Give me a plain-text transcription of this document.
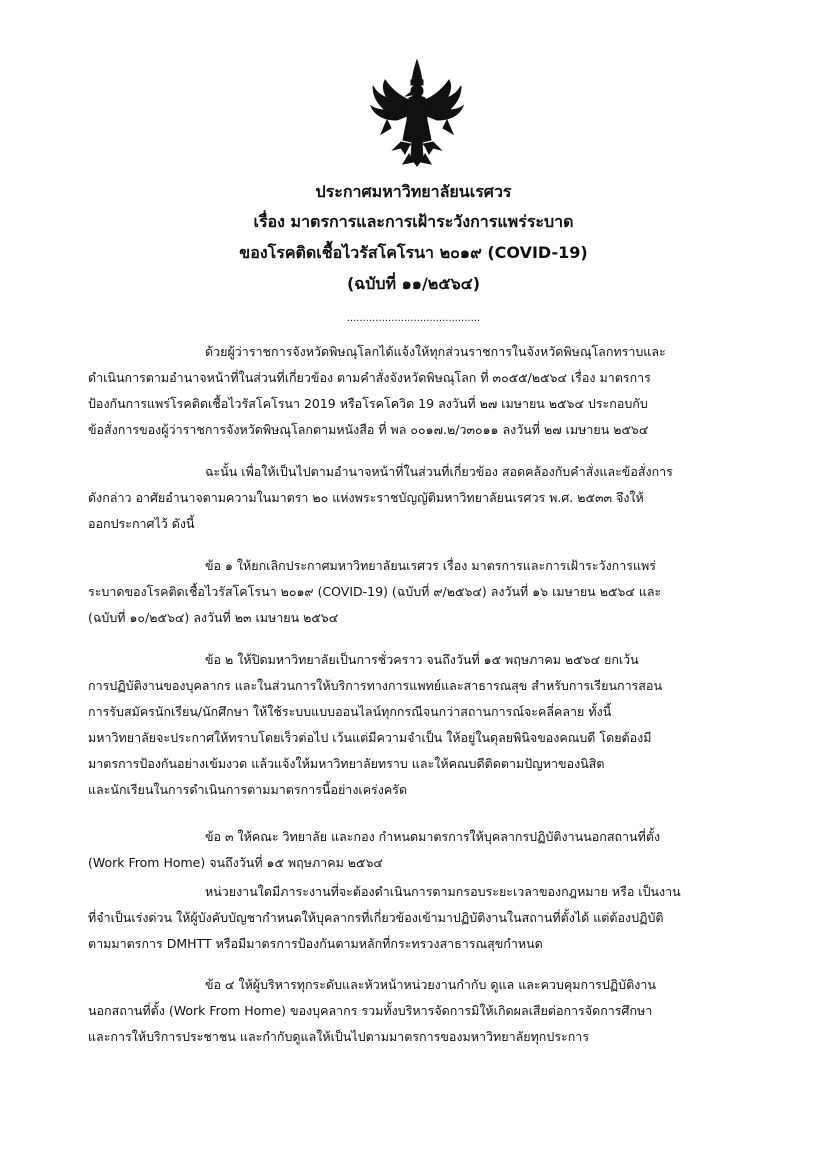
ประกาศมหาวิทยาลัยนเรศวร
เรื่อง มาตรการและการเฝ้าระวังการแพร่ระบาด
ของโรคติดเชื้อไวรัสโคโรนา ๒๐๑๙ (COVID-19)
(ฉบับที่ ๑๑/๒๕๖๔)
..........................................
ด้วยผู้ว่าราชการจังหวัดพิษณุโลกได้แจ้งให้ทุกส่วนราชการในจังหวัดพิษณุโลกทราบและ
ดำเนินการตามอำนาจหน้าที่ในส่วนที่เกี่ยวข้อง ตามคำสั่งจังหวัดพิษณุโลก ที่ ๓๐๕๕/๒๕๖๔ เรื่อง มาตรการ
ป้องกันการแพร่โรคติดเชื้อไวรัสโคโรนา 2019 หรือโรคโควิด 19 ลงวันที่ ๒๗ เมษายน ๒๕๖๔ ประกอบกับ
ข้อสั่งการของผู้ว่าราชการจังหวัดพิษณุโลกตามหนังสือ ที่ พล ๐๐๑๗.๒/ว๓๐๑๑ ลงวันที่ ๒๗ เมษายน ๒๕๖๔
ฉะนั้น เพื่อให้เป็นไปตามอำนาจหน้าที่ในส่วนที่เกี่ยวข้อง สอดคล้องกับคำสั่งและข้อสั่งการ
ดังกล่าว อาศัยอำนาจตามความในมาตรา ๒๐ แห่งพระราชบัญญัติมหาวิทยาลัยนเรศวร พ.ศ. ๒๕๓๓ จึงให้
ออกประกาศไว้ ดังนี้
ข้อ ๑ ให้ยกเลิกประกาศมหาวิทยาลัยนเรศวร เรื่อง มาตรการและการเฝ้าระวังการแพร่
ระบาดของโรคติดเชื้อไวรัสโคโรนา ๒๐๑๙ (COVID-19) (ฉบับที่ ๙/๒๕๖๔) ลงวันที่ ๑๖ เมษายน ๒๕๖๔ และ
(ฉบับที่ ๑๐/๒๕๖๔) ลงวันที่ ๒๓ เมษายน ๒๕๖๔
ข้อ ๒ ให้ปิดมหาวิทยาลัยเป็นการชั่วคราว จนถึงวันที่ ๑๕ พฤษภาคม ๒๕๖๔ ยกเว้น
การปฏิบัติงานของบุคลากร และในส่วนการให้บริการทางการแพทย์และสาธารณสุข สำหรับการเรียนการสอน
การรับสมัครนักเรียน/นักศึกษา ให้ใช้ระบบแบบออนไลน์ทุกกรณีจนกว่าสถานการณ์จะคลี่คลาย ทั้งนี้
มหาวิทยาลัยจะประกาศให้ทราบโดยเร็วต่อไป เว้นแต่มีความจำเป็น ให้อยู่ในดุลยพินิจของคณบดี โดยต้องมี
มาตรการป้องกันอย่างเข้มงวด แล้วแจ้งให้มหาวิทยาลัยทราบ และให้คณบดีติดตามปัญหาของนิสิต
และนักเรียนในการดำเนินการตามมาตรการนี้อย่างเคร่งครัด
ข้อ ๓ ให้คณะ วิทยาลัย และกอง กำหนดมาตรการให้บุคลากรปฏิบัติงานนอกสถานที่ตั้ง
(Work From Home) จนถึงวันที่ ๑๕ พฤษภาคม ๒๕๖๔
หน่วยงานใดมีภาระงานที่จะต้องดำเนินการตามกรอบระยะเวลาของกฎหมาย หรือ เป็นงาน
ที่จำเป็นเร่งด่วน ให้ผู้บังคับบัญชากำหนดให้บุคลากรที่เกี่ยวข้องเข้ามาปฏิบัติงานในสถานที่ตั้งได้ แต่ต้องปฏิบัติ
ตามมาตรการ DMHTT หรือมีมาตรการป้องกันตามหลักที่กระทรวงสาธารณสุขกำหนด
ข้อ ๔ ให้ผู้บริหารทุกระดับและหัวหน้าหน่วยงานกำกับ ดูแล และควบคุมการปฏิบัติงาน
นอกสถานที่ตั้ง (Work From Home) ของบุคลากร รวมทั้งบริหารจัดการมิให้เกิดผลเสียต่อการจัดการศึกษา
และการให้บริการประชาชน และกำกับดูแลให้เป็นไปตามมาตรการของมหาวิทยาลัยทุกประการ
